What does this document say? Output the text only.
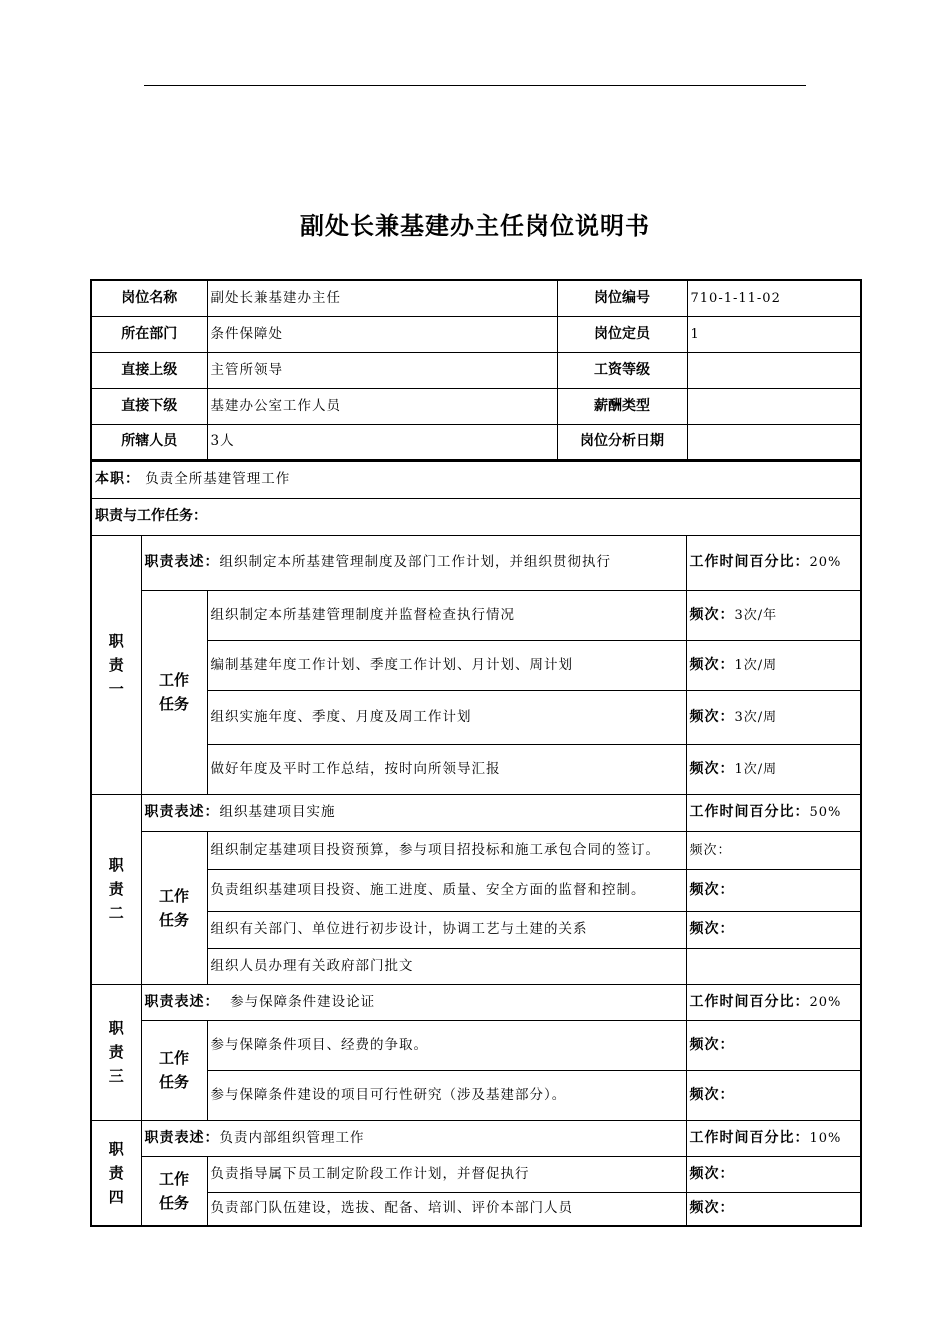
副处长兼基建办主任岗位说明书
岗位名称	副处长兼基建办主任	岗位编号	710-1-11-02
所在部门	条件保障处	岗位定员	1
直接上级	主管所领导	工资等级	
直接下级	基建办公室工作人员	薪酬类型	
所辖人员	3人	岗位分析日期	
本职： 负责全所基建管理工作			
职责与工作任务：			

职
责
一	职责表述：组织制定本所基建管理制度及部门工作计划，并组织贯彻执行		工作时间百分比：20%

	工作
任务	组织制定本所基建管理制度并监督检查执行情况	频次：3次/年
		编制基建年度工作计划、季度工作计划、月计划、周计划	频次：1次/周
		组织实施年度、季度、月度及周工作计划	频次：3次/周
		做好年度及平时工作总结，按时向所领导汇报	频次：1次/周

职
责
二	职责表述：组织基建项目实施		工作时间百分比：50%

	工作
任务	组织制定基建项目投资预算，参与项目招投标和施工承包合同的签订。	频次：
		负责组织基建项目投资、施工进度、质量、安全方面的监督和控制。	频次：
		组织有关部门、单位进行初步设计，协调工艺与土建的关系	频次：
		组织人员办理有关政府部门批文	

职
责
三	职责表述： 参与保障条件建设论证		工作时间百分比：20%

	工作
任务	参与保障条件项目、经费的争取。	频次：
		参与保障条件建设的项目可行性研究（涉及基建部分）。	频次：

职
责
四	职责表述：负责内部组织管理工作		工作时间百分比：10%

	工作
任务	负责指导属下员工制定阶段工作计划，并督促执行	频次：
		负责部门队伍建设，选拔、配备、培训、评价本部门人员	频次：
